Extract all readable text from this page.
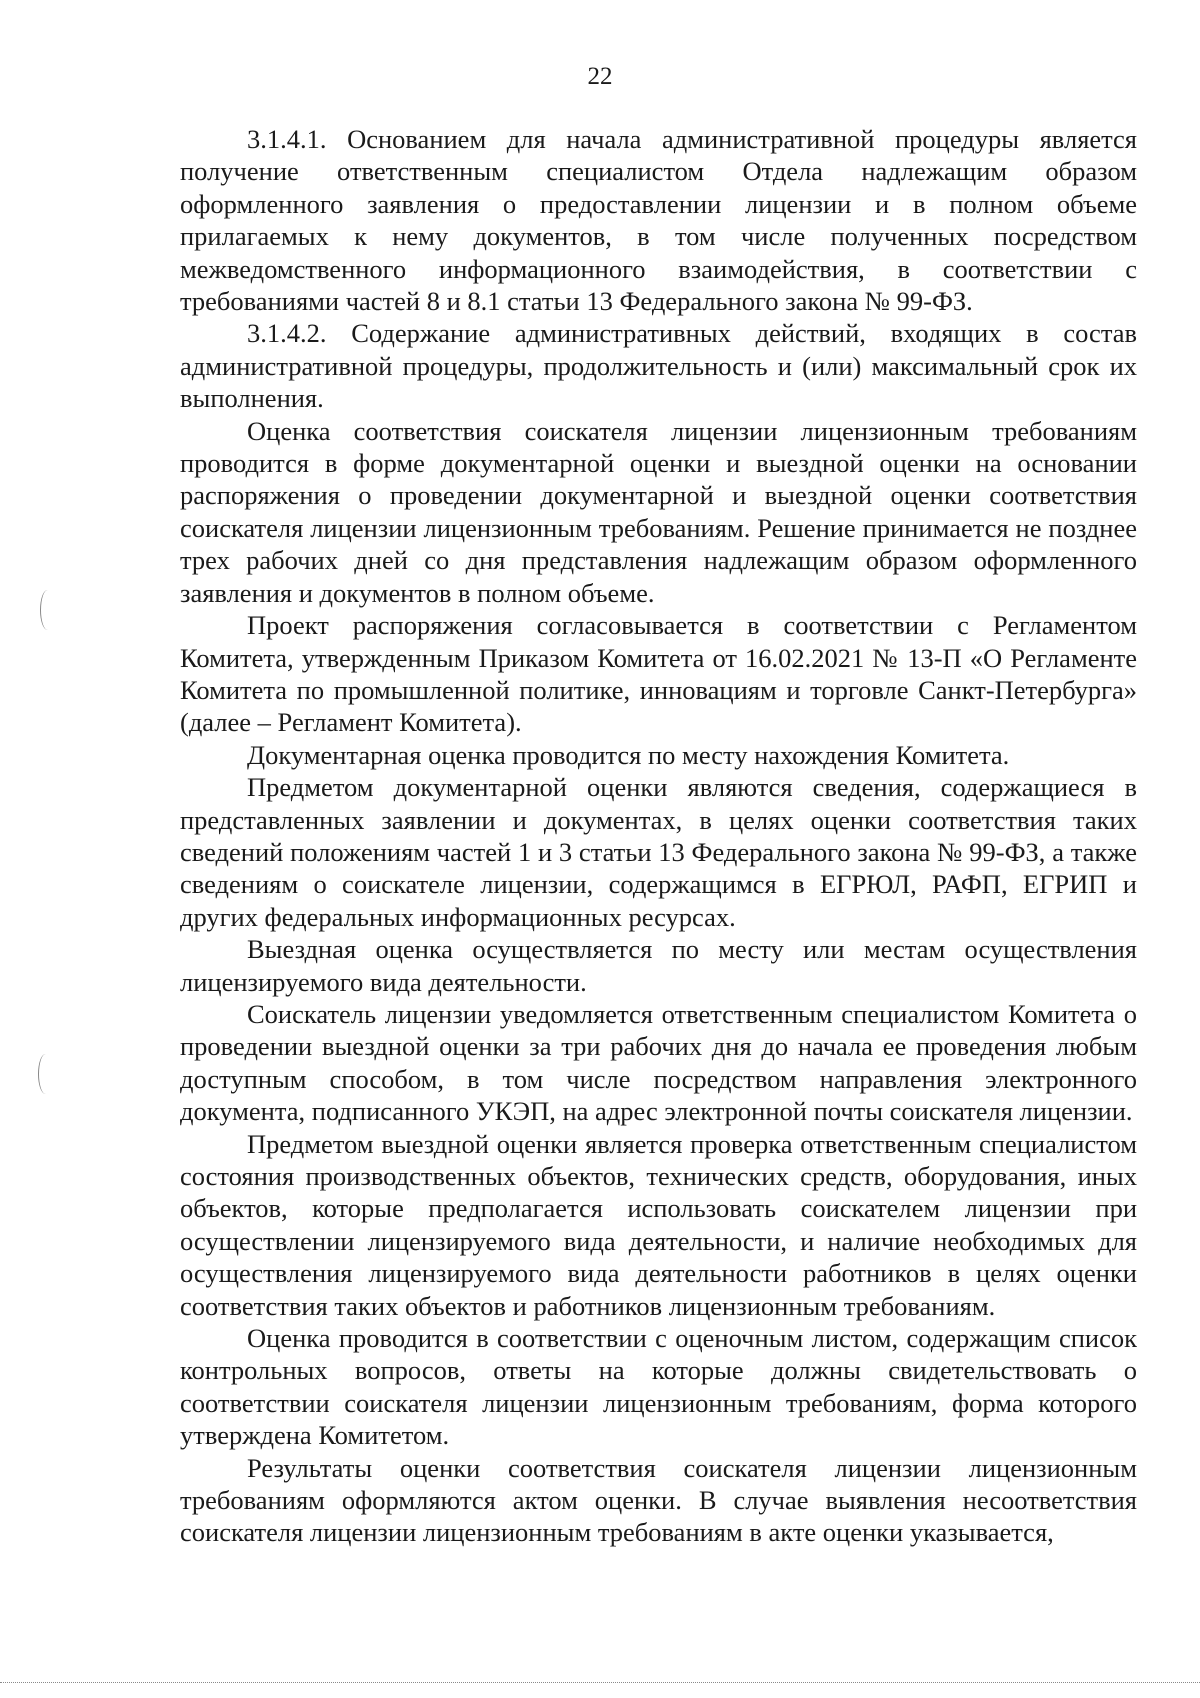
22

3.1.4.1. Основанием для начала административной процедуры является получение ответственным специалистом Отдела надлежащим образом оформленного заявления о предоставлении лицензии и в полном объеме прилагаемых к нему документов, в том числе полученных посредством межведомственного информационного взаимодействия, в соответствии с требованиями частей 8 и 8.1 статьи 13 Федерального закона № 99-ФЗ.

3.1.4.2. Содержание административных действий, входящих в состав административной процедуры, продолжительность и (или) максимальный срок их выполнения.

Оценка соответствия соискателя лицензии лицензионным требованиям проводится в форме документарной оценки и выездной оценки на основании распоряжения о проведении документарной и выездной оценки соответствия соискателя лицензии лицензионным требованиям. Решение принимается не позднее трех рабочих дней со дня представления надлежащим образом оформленного заявления и документов в полном объеме.

Проект распоряжения согласовывается в соответствии с Регламентом Комитета, утвержденным Приказом Комитета от 16.02.2021 № 13-П «О Регламенте Комитета по промышленной политике, инновациям и торговле Санкт-Петербурга» (далее – Регламент Комитета).

Документарная оценка проводится по месту нахождения Комитета.

Предметом документарной оценки являются сведения, содержащиеся в представленных заявлении и документах, в целях оценки соответствия таких сведений положениям частей 1 и 3 статьи 13 Федерального закона № 99-ФЗ, а также сведениям о соискателе лицензии, содержащимся в ЕГРЮЛ, РАФП, ЕГРИП и других федеральных информационных ресурсах.

Выездная оценка осуществляется по месту или местам осуществления лицензируемого вида деятельности.

Соискатель лицензии уведомляется ответственным специалистом Комитета о проведении выездной оценки за три рабочих дня до начала ее проведения любым доступным способом, в том числе посредством направления электронного документа, подписанного УКЭП, на адрес электронной почты соискателя лицензии.

Предметом выездной оценки является проверка ответственным специалистом состояния производственных объектов, технических средств, оборудования, иных объектов, которые предполагается использовать соискателем лицензии при осуществлении лицензируемого вида деятельности, и наличие необходимых для осуществления лицензируемого вида деятельности работников в целях оценки соответствия таких объектов и работников лицензионным требованиям.

Оценка проводится в соответствии с оценочным листом, содержащим список контрольных вопросов, ответы на которые должны свидетельствовать о соответствии соискателя лицензии лицензионным требованиям, форма которого утверждена Комитетом.

Результаты оценки соответствия соискателя лицензии лицензионным требованиям оформляются актом оценки. В случае выявления несоответствия соискателя лицензии лицензионным требованиям в акте оценки указывается,
